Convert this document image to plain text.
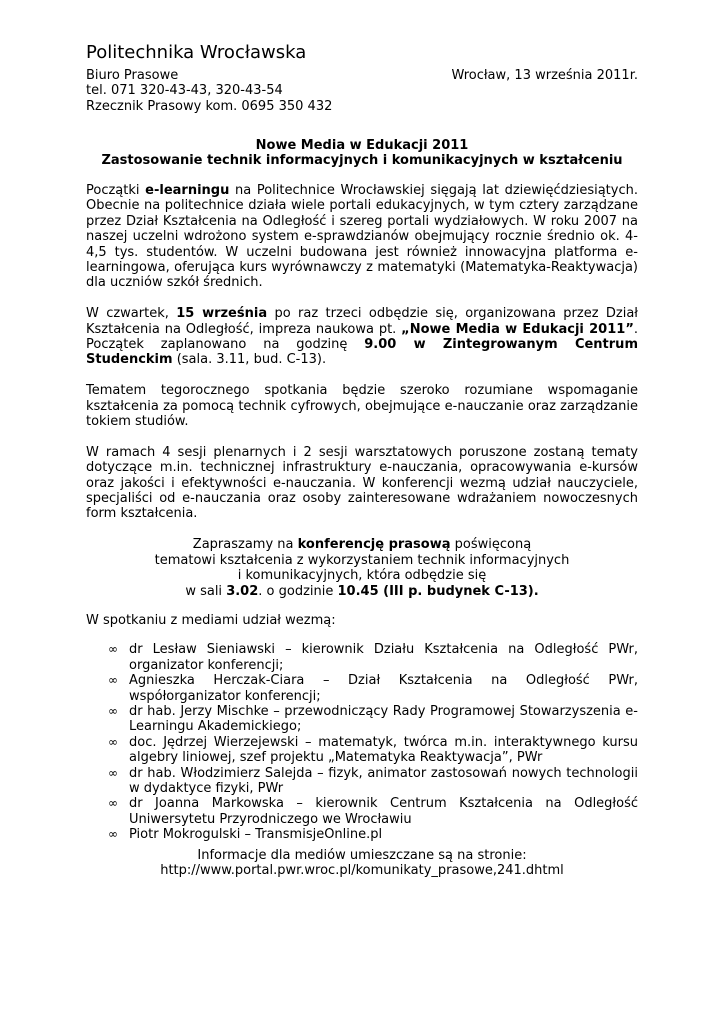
Politechnika Wrocławska
Biuro Prasowe	Wrocław, 13 września 2011r.
tel. 071 320-43-43, 320-43-54
Rzecznik Prasowy kom. 0695 350 432
Nowe Media w Edukacji 2011
Zastosowanie technik informacyjnych i komunikacyjnych w kształceniu

Początki e-learningu na Politechnice Wrocławskiej sięgają lat dziewięćdziesiątych. Obecnie na politechnice działa wiele portali edukacyjnych, w tym cztery zarządzane przez Dział Kształcenia na Odległość i szereg portali wydziałowych. W roku 2007 na naszej uczelni wdrożono system e-sprawdzianów obejmujący rocznie średnio ok. 4-4,5 tys. studentów. W uczelni budowana jest również innowacyjna platforma e-learningowa, oferująca kurs wyrównawczy z matematyki (Matematyka-Reaktywacja) dla uczniów szkół średnich.

W czwartek, 15 września po raz trzeci odbędzie się, organizowana przez Dział Kształcenia na Odległość, impreza naukowa pt. „Nowe Media w Edukacji 2011”. Początek zaplanowano na godzinę 9.00 w Zintegrowanym Centrum Studenckim (sala. 3.11, bud. C-13).

Tematem tegorocznego spotkania będzie szeroko rozumiane wspomaganie kształcenia za pomocą technik cyfrowych, obejmujące e-nauczanie oraz zarządzanie tokiem studiów.

W ramach 4 sesji plenarnych i 2 sesji warsztatowych poruszone zostaną tematy dotyczące m.in. technicznej infrastruktury e-nauczania, opracowywania e-kursów oraz jakości i efektywności e-nauczania. W konferencji wezmą udział nauczyciele, specjaliści od e-nauczania oraz osoby zainteresowane wdrażaniem nowoczesnych form kształcenia.

Zapraszamy na konferencję prasową poświęconą
tematowi kształcenia z wykorzystaniem technik informacyjnych
i komunikacyjnych, która odbędzie się
w sali 3.02. o godzinie 10.45 (III p. budynek C-13).
W spotkaniu z mediami udział wezmą:
∞ dr Lesław Sieniawski – kierownik Działu Kształcenia na Odległość PWr, organizator konferencji;
∞ Agnieszka Herczak-Ciara – Dział Kształcenia na Odległość PWr, współorganizator konferencji;
∞ dr hab. Jerzy Mischke – przewodniczący Rady Programowej Stowarzyszenia e-Learningu Akademickiego;
∞ doc. Jędrzej Wierzejewski – matematyk, twórca m.in. interaktywnego kursu algebry liniowej, szef projektu „Matematyka Reaktywacja”, PWr
∞ dr hab. Włodzimierz Salejda – fizyk, animator zastosowań nowych technologii w dydaktyce fizyki, PWr
∞ dr Joanna Markowska – kierownik Centrum Kształcenia na Odległość Uniwersytetu Przyrodniczego we Wrocławiu
∞ Piotr Mokrogulski – TransmisjeOnline.pl
Informacje dla mediów umieszczane są na stronie:
http://www.portal.pwr.wroc.pl/komunikaty_prasowe,241.dhtml
